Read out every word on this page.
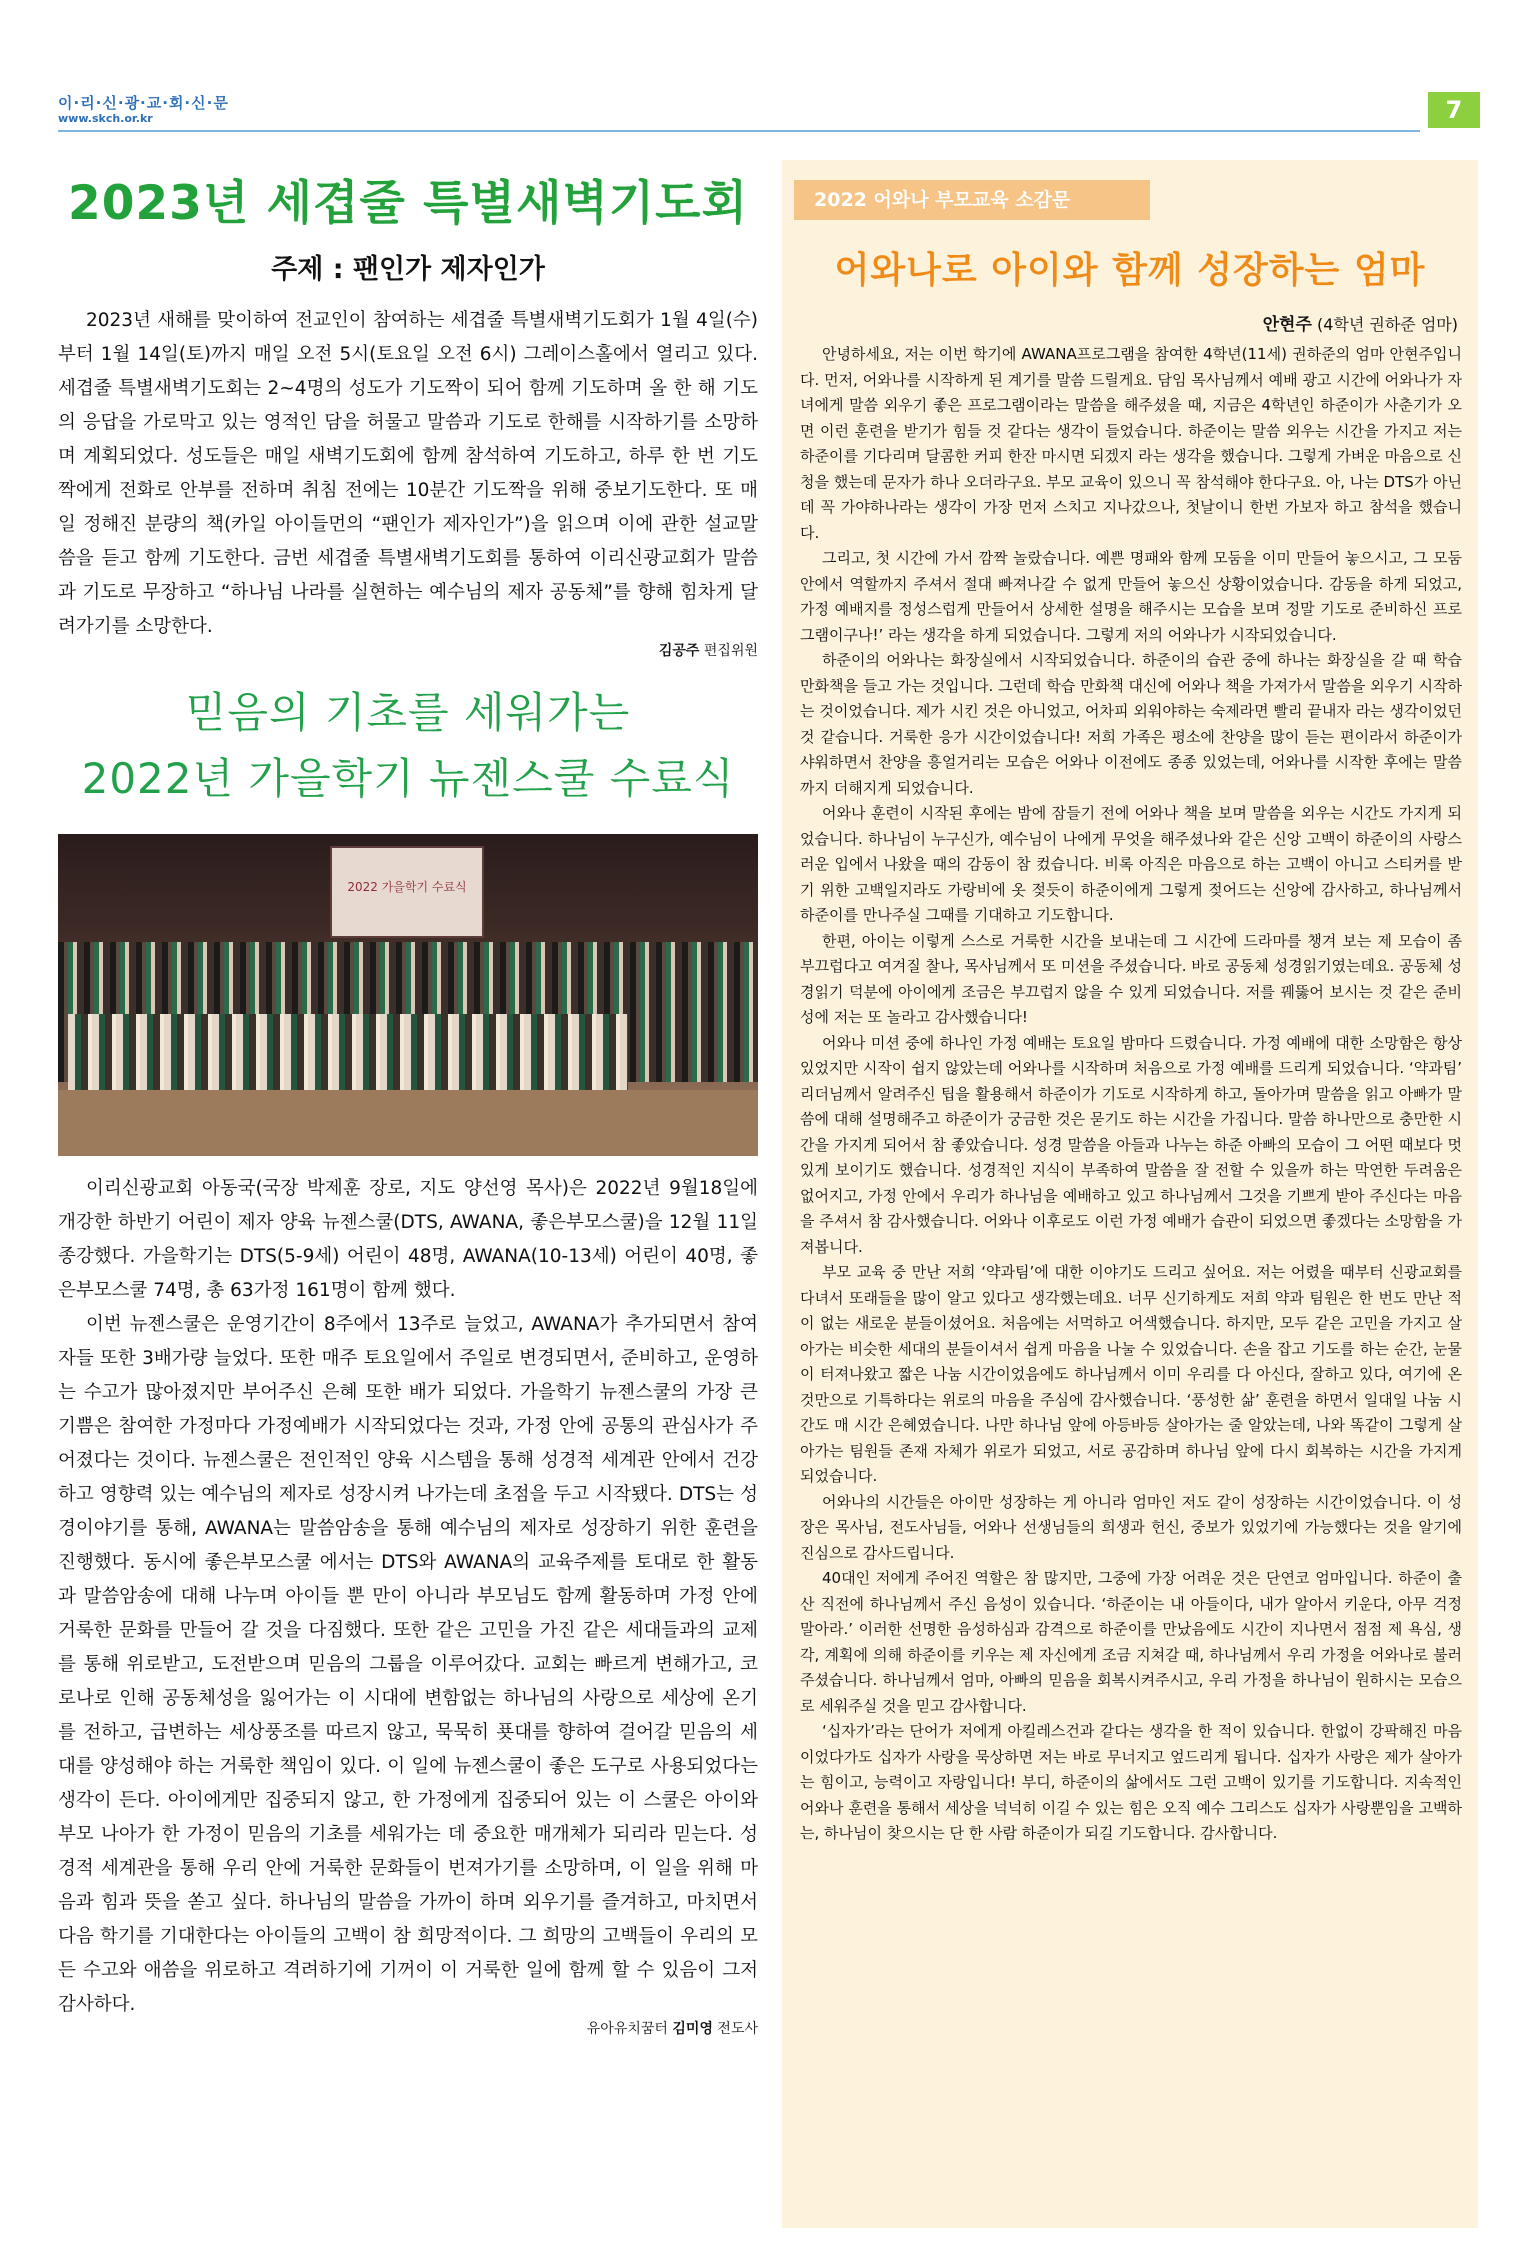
이·리·신·광·교·회·신·문
www.skch.or.kr	7
2023년 세겹줄 특별새벽기도회
주제 : 팬인가 제자인가

2023년 새해를 맞이하여 전교인이 참여하는 세겹줄 특별새벽기도회가 1월 4일(수)부터 1월 14일(토)까지 매일 오전 5시(토요일 오전 6시) 그레이스홀에서 열리고 있다. 세겹줄 특별새벽기도회는 2~4명의 성도가 기도짝이 되어 함께 기도하며 올 한 해 기도의 응답을 가로막고 있는 영적인 담을 허물고 말씀과 기도로 한해를 시작하기를 소망하며 계획되었다. 성도들은 매일 새벽기도회에 함께 참석하여 기도하고, 하루 한 번 기도짝에게 전화로 안부를 전하며 취침 전에는 10분간 기도짝을 위해 중보기도한다. 또 매일 정해진 분량의 책(카일 아이들먼의 “팬인가 제자인가”)을 읽으며 이에 관한 설교말씀을 듣고 함께 기도한다. 금번 세겹줄 특별새벽기도회를 통하여 이리신광교회가 말씀과 기도로 무장하고 “하나님 나라를 실현하는 예수님의 제자 공동체”를 향해 힘차게 달려가기를 소망한다.

김공주 편집위원
믿음의 기초를 세워가는
2022년 가을학기 뉴젠스쿨 수료식
2022 가을학기 수료식

이리신광교회 아동국(국장 박제훈 장로, 지도 양선영 목사)은 2022년 9월18일에 개강한 하반기 어린이 제자 양육 뉴젠스쿨(DTS, AWANA, 좋은부모스쿨)을 12월 11일 종강했다. 가을학기는 DTS(5-9세) 어린이 48명, AWANA(10-13세) 어린이 40명, 좋은부모스쿨 74명, 총 63가정 161명이 함께 했다.

이번 뉴젠스쿨은 운영기간이 8주에서 13주로 늘었고, AWANA가 추가되면서 참여자들 또한 3배가량 늘었다. 또한 매주 토요일에서 주일로 변경되면서, 준비하고, 운영하는 수고가 많아졌지만 부어주신 은혜 또한 배가 되었다. 가을학기 뉴젠스쿨의 가장 큰 기쁨은 참여한 가정마다 가정예배가 시작되었다는 것과, 가정 안에 공통의 관심사가 주어졌다는 것이다. 뉴젠스쿨은 전인적인 양육 시스템을 통해 성경적 세계관 안에서 건강하고 영향력 있는 예수님의 제자로 성장시켜 나가는데 초점을 두고 시작됐다. DTS는 성경이야기를 통해, AWANA는 말씀암송을 통해 예수님의 제자로 성장하기 위한 훈련을 진행했다. 동시에 좋은부모스쿨 에서는 DTS와 AWANA의 교육주제를 토대로 한 활동과 말씀암송에 대해 나누며 아이들 뿐 만이 아니라 부모님도 함께 활동하며 가정 안에 거룩한 문화를 만들어 갈 것을 다짐했다. 또한 같은 고민을 가진 같은 세대들과의 교제를 통해 위로받고, 도전받으며 믿음의 그룹을 이루어갔다. 교회는 빠르게 변해가고, 코로나로 인해 공동체성을 잃어가는 이 시대에 변함없는 하나님의 사랑으로 세상에 온기를 전하고, 급변하는 세상풍조를 따르지 않고, 묵묵히 푯대를 향하여 걸어갈 믿음의 세대를 양성해야 하는 거룩한 책임이 있다. 이 일에 뉴젠스쿨이 좋은 도구로 사용되었다는 생각이 든다. 아이에게만 집중되지 않고, 한 가정에게 집중되어 있는 이 스쿨은 아이와 부모 나아가 한 가정이 믿음의 기초를 세워가는 데 중요한 매개체가 되리라 믿는다. 성경적 세계관을 통해 우리 안에 거룩한 문화들이 번져가기를 소망하며, 이 일을 위해 마음과 힘과 뜻을 쏟고 싶다. 하나님의 말씀을 가까이 하며 외우기를 즐겨하고, 마치면서 다음 학기를 기대한다는 아이들의 고백이 참 희망적이다. 그 희망의 고백들이 우리의 모든 수고와 애씀을 위로하고 격려하기에 기꺼이 이 거룩한 일에 함께 할 수 있음이 그저 감사하다.

유아유치꿈터 김미영 전도사
2022 어와나 부모교육 소감문
어와나로 아이와 함께 성장하는 엄마
안현주 (4학년 권하준 엄마)

안녕하세요, 저는 이번 학기에 AWANA프로그램을 참여한 4학년(11세) 권하준의 엄마 안현주입니다. 먼저, 어와나를 시작하게 된 계기를 말씀 드릴게요. 담임 목사님께서 예배 광고 시간에 어와나가 자녀에게 말씀 외우기 좋은 프로그램이라는 말씀을 해주셨을 때, 지금은 4학년인 하준이가 사춘기가 오면 이런 훈련을 받기가 힘들 것 같다는 생각이 들었습니다. 하준이는 말씀 외우는 시간을 가지고 저는 하준이를 기다리며 달콤한 커피 한잔 마시면 되겠지 라는 생각을 했습니다. 그렇게 가벼운 마음으로 신청을 했는데 문자가 하나 오더라구요. 부모 교육이 있으니 꼭 참석해야 한다구요. 아, 나는 DTS가 아닌데 꼭 가야하나라는 생각이 가장 먼저 스치고 지나갔으나, 첫날이니 한번 가보자 하고 참석을 했습니다.

그리고, 첫 시간에 가서 깜짝 놀랐습니다. 예쁜 명패와 함께 모둠을 이미 만들어 놓으시고, 그 모둠 안에서 역할까지 주셔서 절대 빠져나갈 수 없게 만들어 놓으신 상황이었습니다. 감동을 하게 되었고, 가정 예배지를 정성스럽게 만들어서 상세한 설명을 해주시는 모습을 보며 정말 기도로 준비하신 프로그램이구나!’ 라는 생각을 하게 되었습니다. 그렇게 저의 어와나가 시작되었습니다.

하준이의 어와나는 화장실에서 시작되었습니다. 하준이의 습관 중에 하나는 화장실을 갈 때 학습 만화책을 들고 가는 것입니다. 그런데 학습 만화책 대신에 어와나 책을 가져가서 말씀을 외우기 시작하는 것이었습니다. 제가 시킨 것은 아니었고, 어차피 외워야하는 숙제라면 빨리 끝내자 라는 생각이었던 것 같습니다. 거룩한 응가 시간이었습니다! 저희 가족은 평소에 찬양을 많이 듣는 편이라서 하준이가 샤워하면서 찬양을 흥얼거리는 모습은 어와나 이전에도 종종 있었는데, 어와나를 시작한 후에는 말씀까지 더해지게 되었습니다.

어와나 훈련이 시작된 후에는 밤에 잠들기 전에 어와나 책을 보며 말씀을 외우는 시간도 가지게 되었습니다. 하나님이 누구신가, 예수님이 나에게 무엇을 해주셨나와 같은 신앙 고백이 하준이의 사랑스러운 입에서 나왔을 때의 감동이 참 컸습니다. 비록 아직은 마음으로 하는 고백이 아니고 스티커를 받기 위한 고백일지라도 가랑비에 옷 젖듯이 하준이에게 그렇게 젖어드는 신앙에 감사하고, 하나님께서 하준이를 만나주실 그때를 기대하고 기도합니다.

한편, 아이는 이렇게 스스로 거룩한 시간을 보내는데 그 시간에 드라마를 챙겨 보는 제 모습이 좀 부끄럽다고 여겨질 찰나, 목사님께서 또 미션을 주셨습니다. 바로 공동체 성경읽기였는데요. 공동체 성경읽기 덕분에 아이에게 조금은 부끄럽지 않을 수 있게 되었습니다. 저를 꿰뚫어 보시는 것 같은 준비성에 저는 또 놀라고 감사했습니다!

어와나 미션 중에 하나인 가정 예배는 토요일 밤마다 드렸습니다. 가정 예배에 대한 소망함은 항상 있었지만 시작이 쉽지 않았는데 어와나를 시작하며 처음으로 가정 예배를 드리게 되었습니다. ‘약과팀’ 리더님께서 알려주신 팁을 활용해서 하준이가 기도로 시작하게 하고, 돌아가며 말씀을 읽고 아빠가 말씀에 대해 설명해주고 하준이가 궁금한 것은 묻기도 하는 시간을 가집니다. 말씀 하나만으로 충만한 시간을 가지게 되어서 참 좋았습니다. 성경 말씀을 아들과 나누는 하준 아빠의 모습이 그 어떤 때보다 멋있게 보이기도 했습니다. 성경적인 지식이 부족하여 말씀을 잘 전할 수 있을까 하는 막연한 두려움은 없어지고, 가정 안에서 우리가 하나님을 예배하고 있고 하나님께서 그것을 기쁘게 받아 주신다는 마음을 주셔서 참 감사했습니다. 어와나 이후로도 이런 가정 예배가 습관이 되었으면 좋겠다는 소망함을 가져봅니다.

부모 교육 중 만난 저희 ‘약과팀’에 대한 이야기도 드리고 싶어요. 저는 어렸을 때부터 신광교회를 다녀서 또래들을 많이 알고 있다고 생각했는데요. 너무 신기하게도 저희 약과 팀원은 한 번도 만난 적이 없는 새로운 분들이셨어요. 처음에는 서먹하고 어색했습니다. 하지만, 모두 같은 고민을 가지고 살아가는 비슷한 세대의 분들이셔서 쉽게 마음을 나눌 수 있었습니다. 손을 잡고 기도를 하는 순간, 눈물이 터져나왔고 짧은 나눔 시간이었음에도 하나님께서 이미 우리를 다 아신다, 잘하고 있다, 여기에 온 것만으로 기특하다는 위로의 마음을 주심에 감사했습니다. ‘풍성한 삶’ 훈련을 하면서 일대일 나눔 시간도 매 시간 은혜였습니다. 나만 하나님 앞에 아등바등 살아가는 줄 알았는데, 나와 똑같이 그렇게 살아가는 팀원들 존재 자체가 위로가 되었고, 서로 공감하며 하나님 앞에 다시 회복하는 시간을 가지게 되었습니다.

어와나의 시간들은 아이만 성장하는 게 아니라 엄마인 저도 같이 성장하는 시간이었습니다. 이 성장은 목사님, 전도사님들, 어와나 선생님들의 희생과 헌신, 중보가 있었기에 가능했다는 것을 알기에 진심으로 감사드립니다.

40대인 저에게 주어진 역할은 참 많지만, 그중에 가장 어려운 것은 단연코 엄마입니다. 하준이 출산 직전에 하나님께서 주신 음성이 있습니다. ‘하준이는 내 아들이다, 내가 알아서 키운다, 아무 걱정 말아라.’ 이러한 선명한 음성하심과 감격으로 하준이를 만났음에도 시간이 지나면서 점점 제 욕심, 생각, 계획에 의해 하준이를 키우는 제 자신에게 조금 지쳐갈 때, 하나님께서 우리 가정을 어와나로 불러주셨습니다. 하나님께서 엄마, 아빠의 믿음을 회복시켜주시고, 우리 가정을 하나님이 원하시는 모습으로 세워주실 것을 믿고 감사합니다.

‘십자가’라는 단어가 저에게 아킬레스건과 같다는 생각을 한 적이 있습니다. 한없이 강팍해진 마음이었다가도 십자가 사랑을 묵상하면 저는 바로 무너지고 엎드리게 됩니다. 십자가 사랑은 제가 살아가는 힘이고, 능력이고 자랑입니다! 부디, 하준이의 삶에서도 그런 고백이 있기를 기도합니다. 지속적인 어와나 훈련을 통해서 세상을 넉넉히 이길 수 있는 힘은 오직 예수 그리스도 십자가 사랑뿐임을 고백하는, 하나님이 찾으시는 단 한 사람 하준이가 되길 기도합니다. 감사합니다.
